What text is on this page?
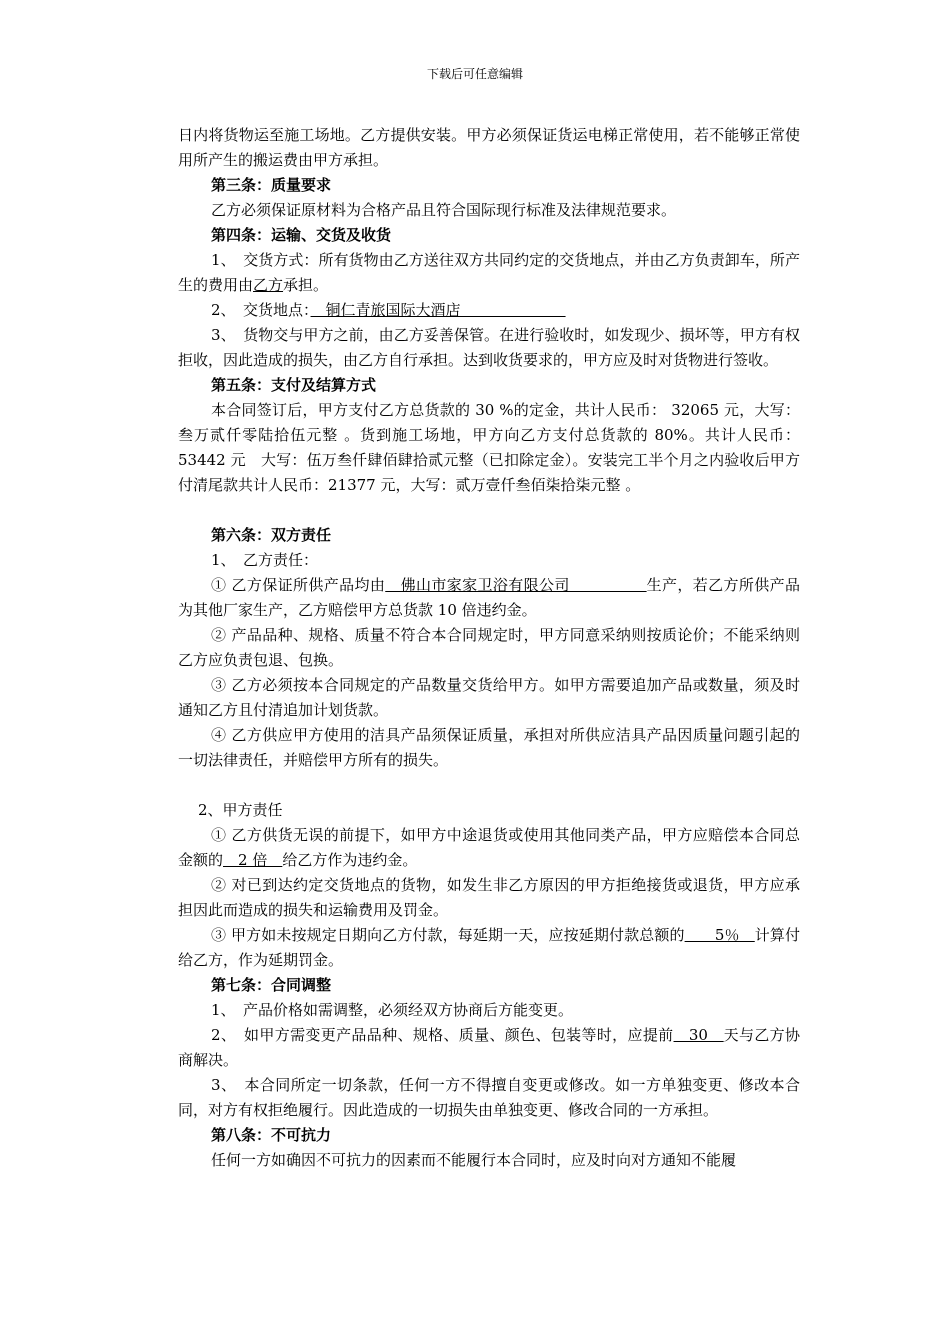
下载后可任意编辑

日内将货物运至施工场地。乙方提供安装。甲方必须保证货运电梯正常使用，若不能够正常使用所产生的搬运费由甲方承担。

第三条：质量要求

乙方必须保证原材料为合格产品且符合国际现行标准及法律规范要求。

第四条：运输、交货及收货

1、　交货方式：所有货物由乙方送往双方共同约定的交货地点，并由乙方负责卸车，所产生的费用由乙方承担。

2、　交货地点：　铜仁青旅国际大酒店　　　　　　　

3、　货物交与甲方之前，由乙方妥善保管。在进行验收时，如发现少、损坏等，甲方有权拒收，因此造成的损失，由乙方自行承担。达到收货要求的，甲方应及时对货物进行签收。

第五条：支付及结算方式

本合同签订后，甲方支付乙方总货款的 30 %的定金，共计人民币： 32065 元，大写：叁万贰仟零陆拾伍元整 。货到施工场地，甲方向乙方支付总货款的 80%。共计人民币：53442 元　大写：伍万叁仟肆佰肆拾贰元整（已扣除定金）。安装完工半个月之内验收后甲方付清尾款共计人民币：21377 元，大写：贰万壹仟叁佰柒拾柒元整 。

第六条：双方责任

1、　乙方责任：

① 乙方保证所供产品均由　佛山市家家卫浴有限公司　　　　　生产，若乙方所供产品为其他厂家生产，乙方赔偿甲方总货款 10 倍违约金。

② 产品品种、规格、质量不符合本合同规定时，甲方同意采纳则按质论价；不能采纳则乙方应负责包退、包换。

③ 乙方必须按本合同规定的产品数量交货给甲方。如甲方需要追加产品或数量，须及时通知乙方且付清追加计划货款。

④ 乙方供应甲方使用的洁具产品须保证质量，承担对所供应洁具产品因质量问题引起的一切法律责任，并赔偿甲方所有的损失。

2、甲方责任

① 乙方供货无误的前提下，如甲方中途退货或使用其他同类产品，甲方应赔偿本合同总金额的　2 倍　给乙方作为违约金。

② 对已到达约定交货地点的货物，如发生非乙方原因的甲方拒绝接货或退货，甲方应承担因此而造成的损失和运输费用及罚金。

③ 甲方如未按规定日期向乙方付款，每延期一天，应按延期付款总额的　　5％　计算付给乙方，作为延期罚金。

第七条：合同调整

1、　产品价格如需调整，必须经双方协商后方能变更。

2、　如甲方需变更产品品种、规格、质量、颜色、包装等时，应提前　30　天与乙方协商解决。

3、　本合同所定一切条款，任何一方不得擅自变更或修改。如一方单独变更、修改本合同，对方有权拒绝履行。因此造成的一切损失由单独变更、修改合同的一方承担。

第八条：不可抗力

任何一方如确因不可抗力的因素而不能履行本合同时，应及时向对方通知不能履
